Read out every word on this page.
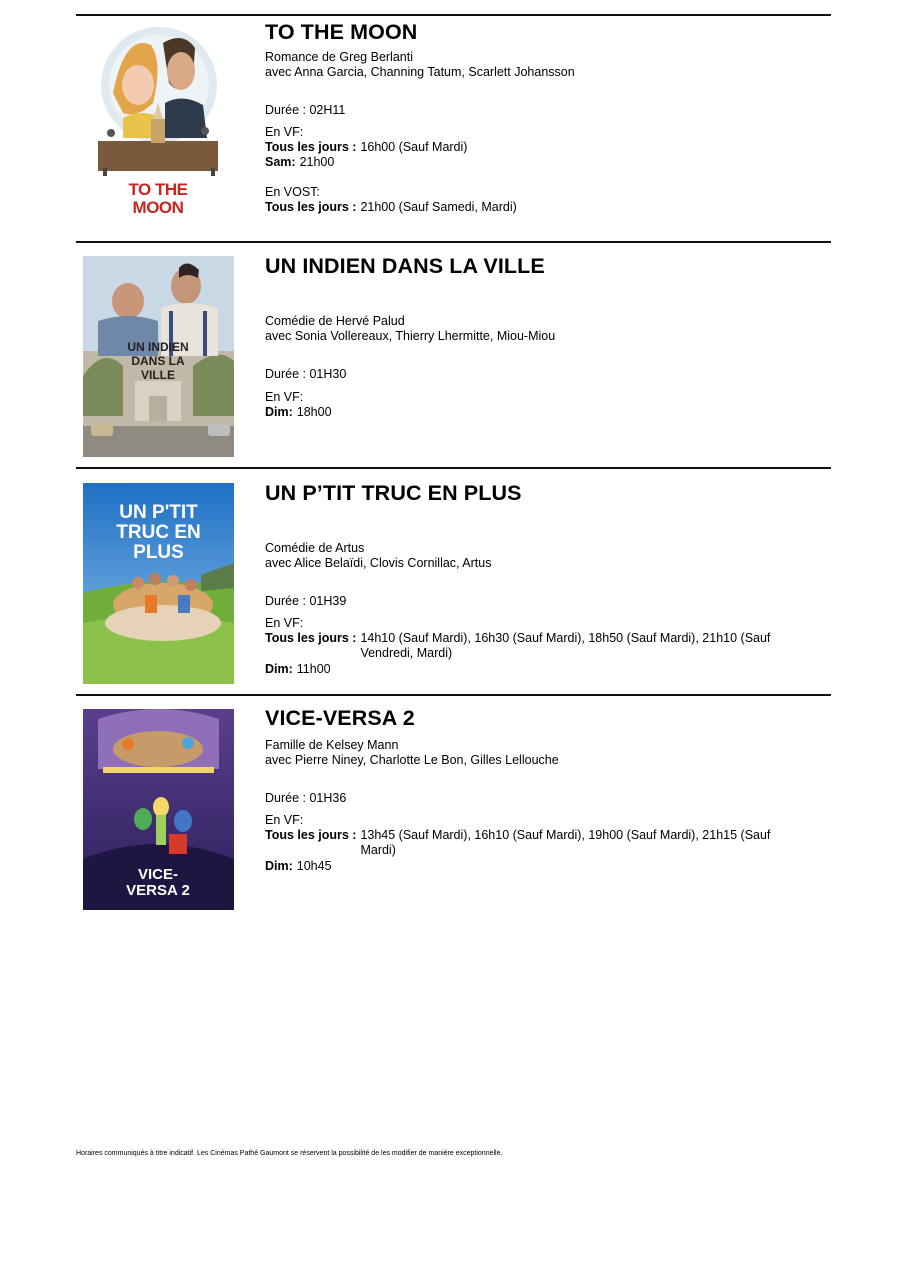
TO THE MOON
TO THE MOON
Romance de Greg Berlanti
avec Anna Garcia, Channing Tatum, Scarlett Johansson
Durée : 02H11
En VF:
Tous les jours : 16h00 (Sauf Mardi)
Sam: 21h00
En VOST:
Tous les jours : 21h00 (Sauf Samedi, Mardi)
UN INDIEN DANS LA VILLE
UN INDIEN DANS LA VILLE
Comédie de Hervé Palud
avec Sonia Vollereaux, Thierry Lhermitte, Miou-Miou
Durée : 01H30
En VF:
Dim: 18h00
UN P'TIT TRUC EN PLUS
UN P’TIT TRUC EN PLUS
Comédie de Artus
avec Alice Belaïdi, Clovis Cornillac, Artus
Durée : 01H39
En VF:
Tous les jours : 14h10 (Sauf Mardi), 16h30 (Sauf Mardi), 18h50 (Sauf Mardi), 21h10 (Sauf Vendredi, Mardi)
Dim: 11h00
VICE-VERSA 2
VICE-VERSA 2
Famille de Kelsey Mann
avec Pierre Niney, Charlotte Le Bon, Gilles Lellouche
Durée : 01H36
En VF:
Tous les jours : 13h45 (Sauf Mardi), 16h10 (Sauf Mardi), 19h00 (Sauf Mardi), 21h15 (Sauf Mardi)
Dim: 10h45
Horaires communiqués à titre indicatif. Les Cinémas Pathé Gaumont se réservent la possibilité de les modifier de manière exceptionnelle.
